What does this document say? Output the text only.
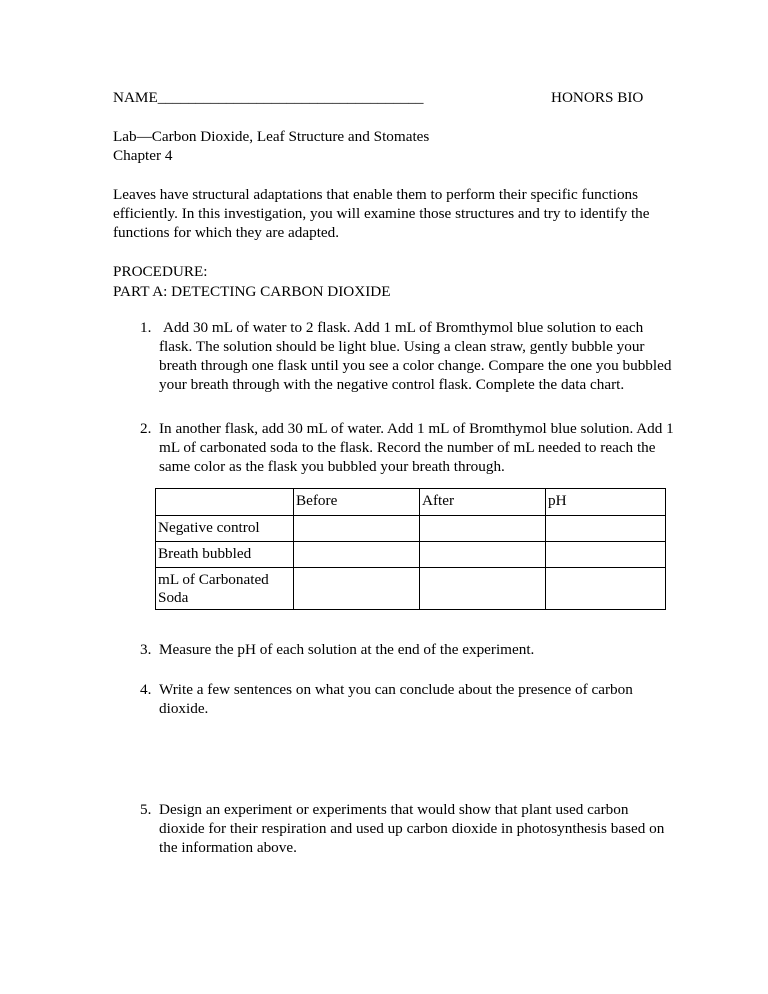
NAME___________________________________	HONORS BIO

Lab—Carbon Dioxide, Leaf Structure and Stomates
Chapter 4

Leaves have structural adaptations that enable them to perform their specific functions efficiently. In this investigation, you will examine those structures and try to identify the functions for which they are adapted.

PROCEDURE:

PART A: DETECTING CARBON DIOXIDE

1. Add 30 mL of water to 2 flask. Add 1 mL of Bromthymol blue solution to each flask. The solution should be light blue. Using a clean straw, gently bubble your breath through one flask until you see a color change. Compare the one you bubbled your breath through with the negative control flask. Complete the data chart.
2. In another flask, add 30 mL of water. Add 1 mL of Bromthymol blue solution. Add 1 mL of carbonated soda to the flask. Record the number of mL needed to reach the same color as the flask you bubbled your breath through.
3. Measure the pH of each solution at the end of the experiment.
4. Write a few sentences on what you can conclude about the presence of carbon dioxide.
5. Design an experiment or experiments that would show that plant used carbon dioxide for their respiration and used up carbon dioxide in photosynthesis based on the information above.
	Before	After	pH
Negative control			
Breath bubbled			
mL of Carbonated Soda			
